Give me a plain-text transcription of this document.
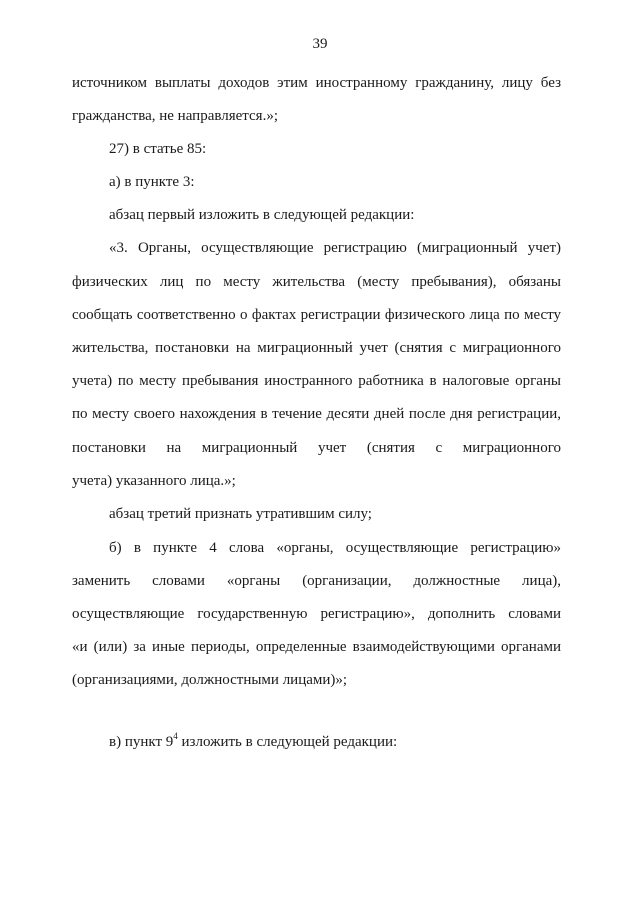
39
источником выплаты доходов этим иностранному гражданину, лицу без
гражданства, не направляется.»;
27) в статье 85:
а) в пункте 3:
абзац первый изложить в следующей редакции:
«3. Органы, осуществляющие регистрацию (миграционный учет)
физических лиц по месту жительства (месту пребывания), обязаны
сообщать соответственно о фактах регистрации физического лица по месту
жительства, постановки на миграционный учет (снятия с миграционного
учета) по месту пребывания иностранного работника в налоговые органы
по месту своего нахождения в течение десяти дней после дня регистрации,
постановки на миграционный учет (снятия с миграционного
учета) указанного лица.»;
абзац третий признать утратившим силу;
б) в пункте 4 слова «органы, осуществляющие регистрацию»
заменить словами «органы (организации, должностные лица),
осуществляющие государственную регистрацию», дополнить словами
«и (или) за иные периоды, определенные взаимодействующими органами
(организациями, должностными лицами)»;
в) пункт $9^4$ изложить в следующей редакции:
